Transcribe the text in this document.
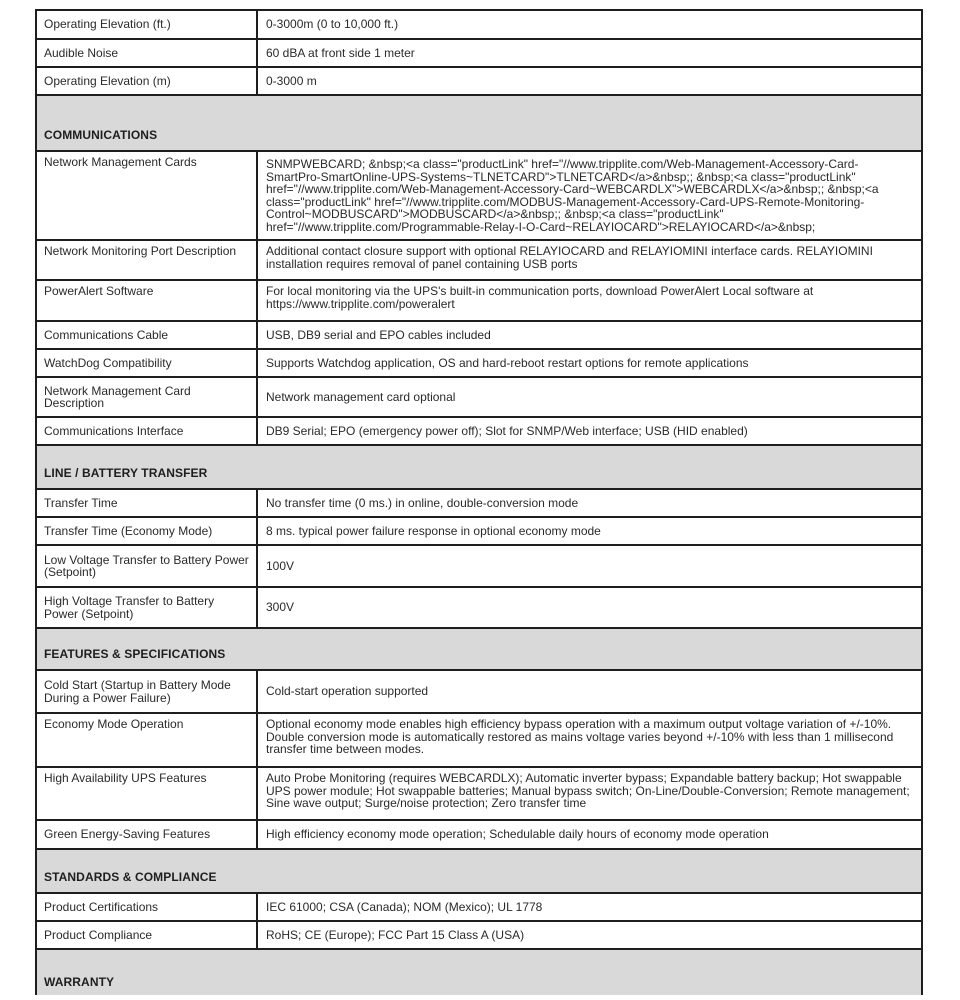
Operating Elevation (ft.)	0-3000m (0 to 10,000 ft.)
Audible Noise	60 dBA at front side 1 meter
Operating Elevation (m)	0-3000 m
COMMUNICATIONS
Network Management Cards	SNMPWEBCARD; &nbsp;<a class="productLink" href="//www.tripplite.com/Web-Management-Accessory-Card-SmartPro-SmartOnline-UPS-Systems~TLNETCARD">TLNETCARD</a>&nbsp;; &nbsp;<a class="productLink" href="//www.tripplite.com/Web-Management-Accessory-Card~WEBCARDLX">WEBCARDLX</a>&nbsp;; &nbsp;<a class="productLink" href="//www.tripplite.com/MODBUS-Management-Accessory-Card-UPS-Remote-Monitoring-Control~MODBUSCARD">MODBUSCARD</a>&nbsp;; &nbsp;<a class="productLink" href="//www.tripplite.com/Programmable-Relay-I-O-Card~RELAYIOCARD">RELAYIOCARD</a>&nbsp;
Network Monitoring Port Description	Additional contact closure support with optional RELAYIOCARD and RELAYIOMINI interface cards. RELAYIOMINI installation requires removal of panel containing USB ports
PowerAlert Software	For local monitoring via the UPS's built-in communication ports, download PowerAlert Local software at https://www.tripplite.com/poweralert
Communications Cable	USB, DB9 serial and EPO cables included
WatchDog Compatibility	Supports Watchdog application, OS and hard-reboot restart options for remote applications
Network Management Card Description	Network management card optional
Communications Interface	DB9 Serial; EPO (emergency power off); Slot for SNMP/Web interface; USB (HID enabled)
LINE / BATTERY TRANSFER
Transfer Time	No transfer time (0 ms.) in online, double-conversion mode
Transfer Time (Economy Mode)	8 ms. typical power failure response in optional economy mode
Low Voltage Transfer to Battery Power (Setpoint)	100V
High Voltage Transfer to Battery Power (Setpoint)	300V
FEATURES & SPECIFICATIONS
Cold Start (Startup in Battery Mode During a Power Failure)	Cold-start operation supported
Economy Mode Operation	Optional economy mode enables high efficiency bypass operation with a maximum output voltage variation of +/-10%. Double conversion mode is automatically restored as mains voltage varies beyond +/-10% with less than 1 millisecond transfer time between modes.
High Availability UPS Features	Auto Probe Monitoring (requires WEBCARDLX); Automatic inverter bypass; Expandable battery backup; Hot swappable UPS power module; Hot swappable batteries; Manual bypass switch; On-Line/Double-Conversion; Remote management; Sine wave output; Surge/noise protection; Zero transfer time
Green Energy-Saving Features	High efficiency economy mode operation; Schedulable daily hours of economy mode operation
STANDARDS & COMPLIANCE
Product Certifications	IEC 61000; CSA (Canada); NOM (Mexico); UL 1778
Product Compliance	RoHS; CE (Europe); FCC Part 15 Class A (USA)
WARRANTY
